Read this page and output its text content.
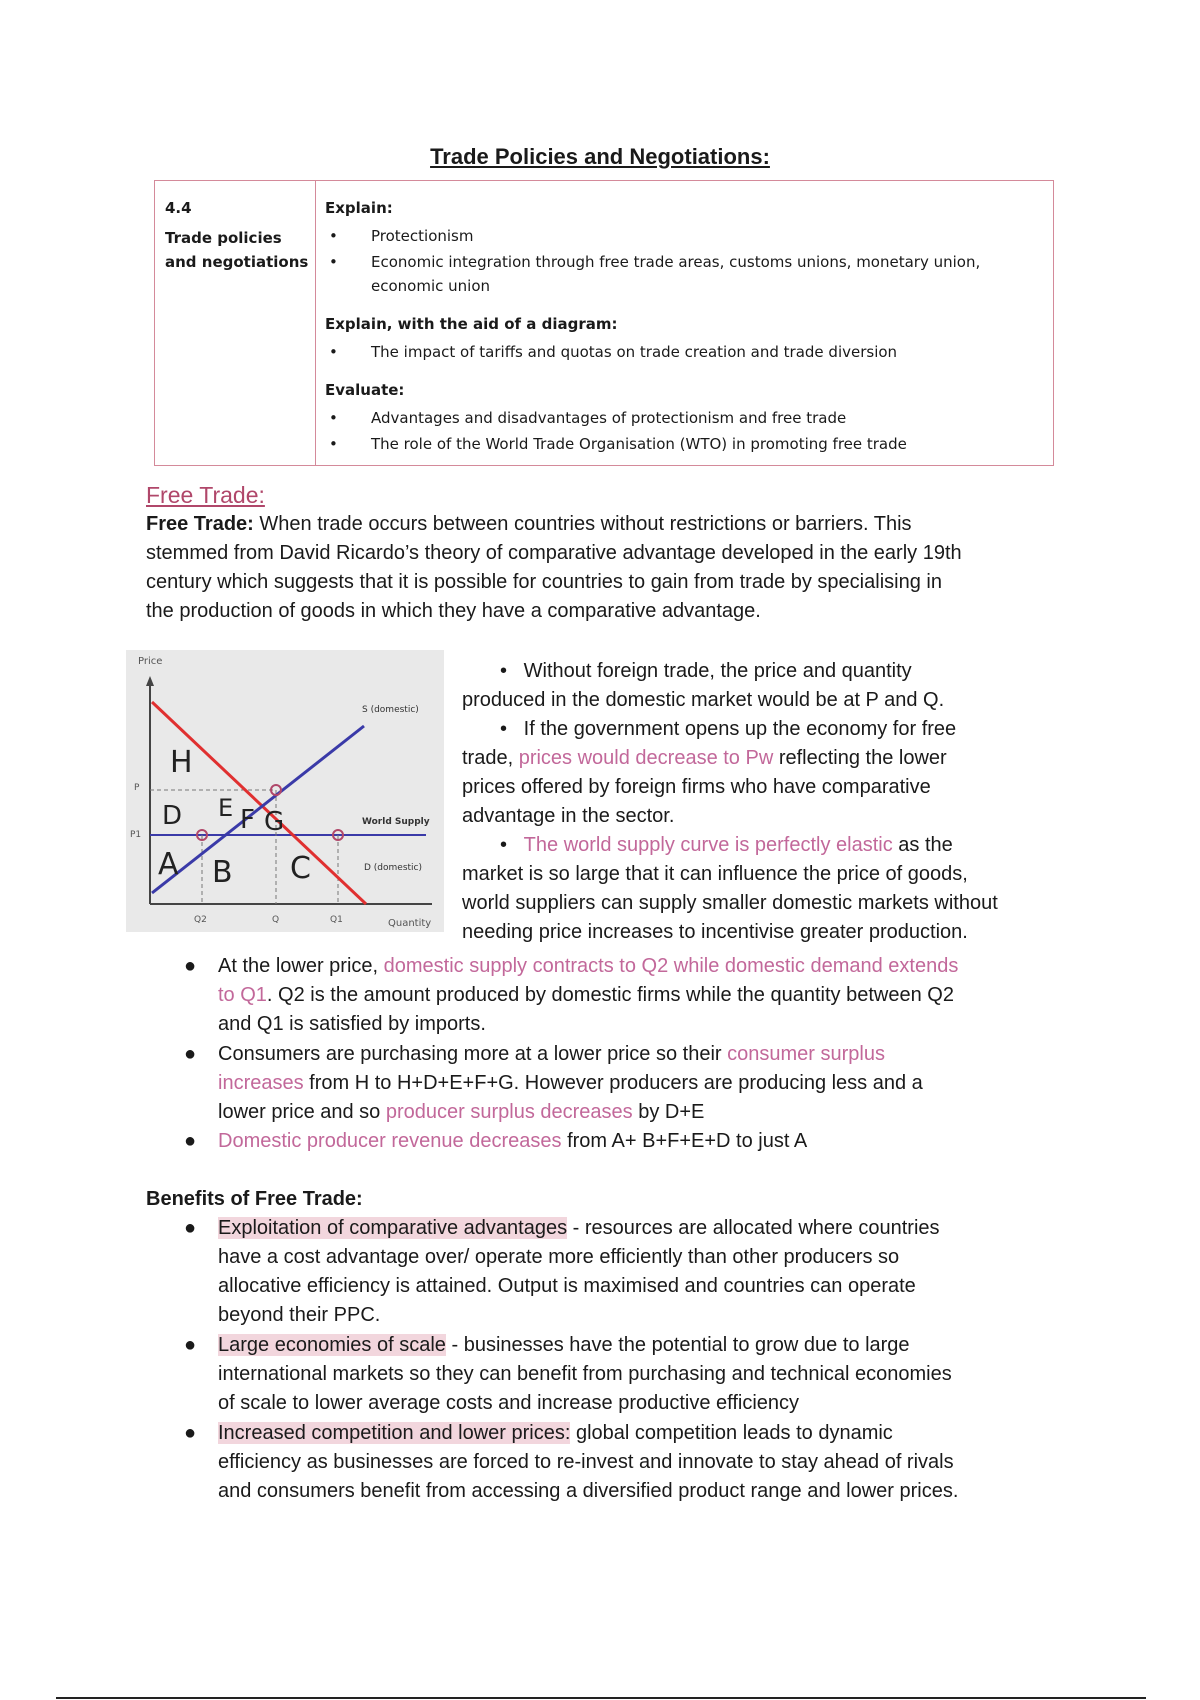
Trade Policies and Negotiations:
4.4
Trade policies
and negotiations
Explain:
• Protectionism
• Economic integration through free trade areas, customs unions, monetary union,
economic union
Explain, with the aid of a diagram:
• The impact of tariffs and quotas on trade creation and trade diversion
Evaluate:
• Advantages and disadvantages of protectionism and free trade
• The role of the World Trade Organisation (WTO) in promoting free trade
Free Trade:
Free Trade: When trade occurs between countries without restrictions or barriers. This
stemmed from David Ricardo’s theory of comparative advantage developed in the early 19th
century which suggests that it is possible for countries to gain from trade by specialising in
the production of goods in which they have a comparative advantage.
Price
Quantity
P
P1
S (domestic)
World Supply
D (domestic)
Q2	Q	Q1
H
D E F G
A B C
•   Without foreign trade, the price and quantity
produced in the domestic market would be at P and Q.
•   If the government opens up the economy for free
trade, prices would decrease to Pw reflecting the lower
prices offered by foreign firms who have comparative
advantage in the sector.
•   The world supply curve is perfectly elastic as the
market is so large that it can influence the price of goods,
world suppliers can supply smaller domestic markets without
needing price increases to incentivise greater production.
● At the lower price, domestic supply contracts to Q2 while domestic demand extends
to Q1. Q2 is the amount produced by domestic firms while the quantity between Q2
and Q1 is satisfied by imports.
● Consumers are purchasing more at a lower price so their consumer surplus
increases from H to H+D+E+F+G. However producers are producing less and a
lower price and so producer surplus decreases by D+E
● Domestic producer revenue decreases from A+ B+F+E+D to just A
Benefits of Free Trade:
● Exploitation of comparative advantages - resources are allocated where countries
have a cost advantage over/ operate more efficiently than other producers so
allocative efficiency is attained. Output is maximised and countries can operate
beyond their PPC.
● Large economies of scale - businesses have the potential to grow due to large
international markets so they can benefit from purchasing and technical economies
of scale to lower average costs and increase productive efficiency
● Increased competition and lower prices: global competition leads to dynamic
efficiency as businesses are forced to re-invest and innovate to stay ahead of rivals
and consumers benefit from accessing a diversified product range and lower prices.
